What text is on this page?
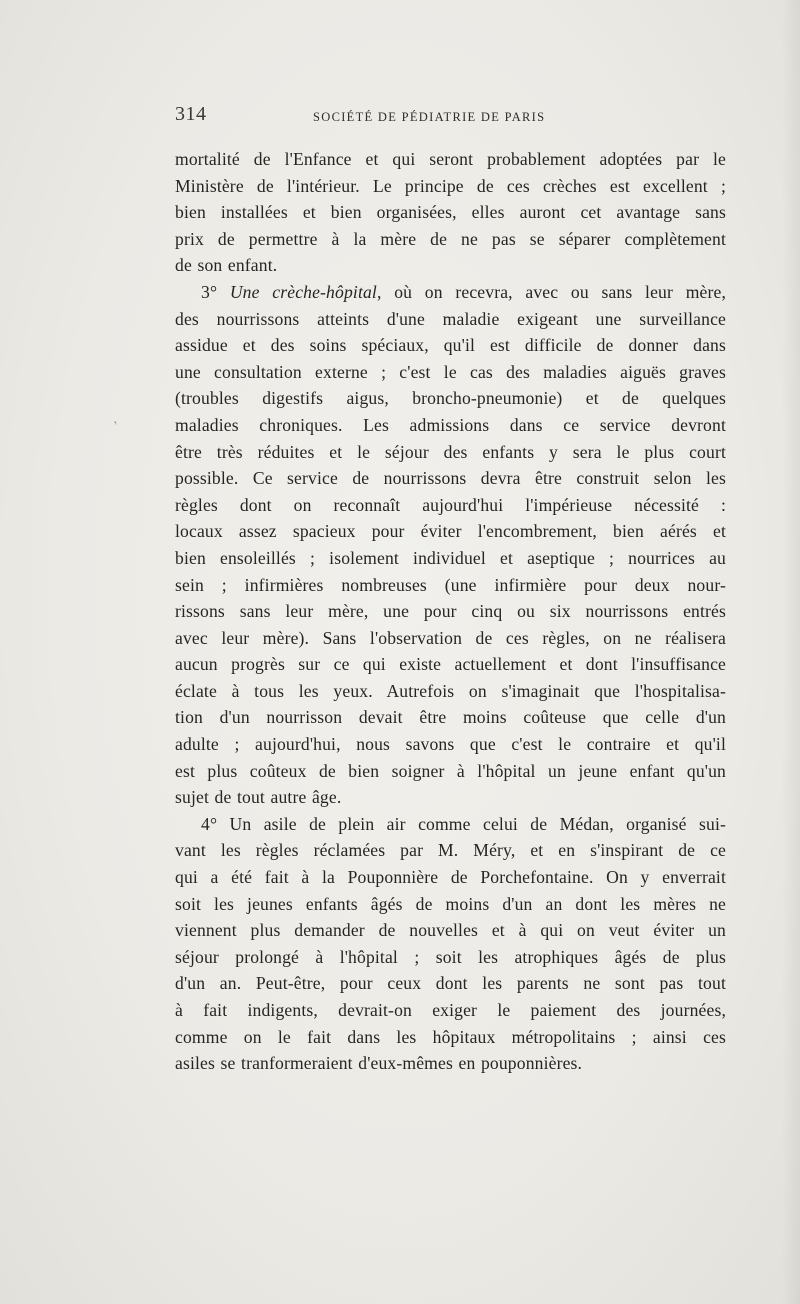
314	SOCIÉTÉ DE PÉDIATRIE DE PARIS
ʼ
mortalité de l'Enfance et qui seront probablement adoptées par le
Ministère de l'intérieur. Le principe de ces crèches est excellent ;
bien installées et bien organisées, elles auront cet avantage sans
prix de permettre à la mère de ne pas se séparer complètement
de son enfant.
3° Une crèche-hôpital, où on recevra, avec ou sans leur mère,
des nourrissons atteints d'une maladie exigeant une surveillance
assidue et des soins spéciaux, qu'il est difficile de donner dans
une consultation externe ; c'est le cas des maladies aiguës graves
(troubles digestifs aigus, broncho-pneumonie) et de quelques
maladies chroniques. Les admissions dans ce service devront
être très réduites et le séjour des enfants y sera le plus court
possible. Ce service de nourrissons devra être construit selon les
règles dont on reconnaît aujourd'hui l'impérieuse nécessité :
locaux assez spacieux pour éviter l'encombrement, bien aérés et
bien ensoleillés ; isolement individuel et aseptique ; nourrices au
sein ; infirmières nombreuses (une infirmière pour deux nour-
rissons sans leur mère, une pour cinq ou six nourrissons entrés
avec leur mère). Sans l'observation de ces règles, on ne réalisera
aucun progrès sur ce qui existe actuellement et dont l'insuffisance
éclate à tous les yeux. Autrefois on s'imaginait que l'hospitalisa-
tion d'un nourrisson devait être moins coûteuse que celle d'un
adulte ; aujourd'hui, nous savons que c'est le contraire et qu'il
est plus coûteux de bien soigner à l'hôpital un jeune enfant qu'un
sujet de tout autre âge.
4° Un asile de plein air comme celui de Médan, organisé sui-
vant les règles réclamées par M. Méry, et en s'inspirant de ce
qui a été fait à la Pouponnière de Porchefontaine. On y enverrait
soit les jeunes enfants âgés de moins d'un an dont les mères ne
viennent plus demander de nouvelles et à qui on veut éviter un
séjour prolongé à l'hôpital ; soit les atrophiques âgés de plus
d'un an. Peut-être, pour ceux dont les parents ne sont pas tout
à fait indigents, devrait-on exiger le paiement des journées,
comme on le fait dans les hôpitaux métropolitains ; ainsi ces
asiles se tranformeraient d'eux-mêmes en pouponnières.
